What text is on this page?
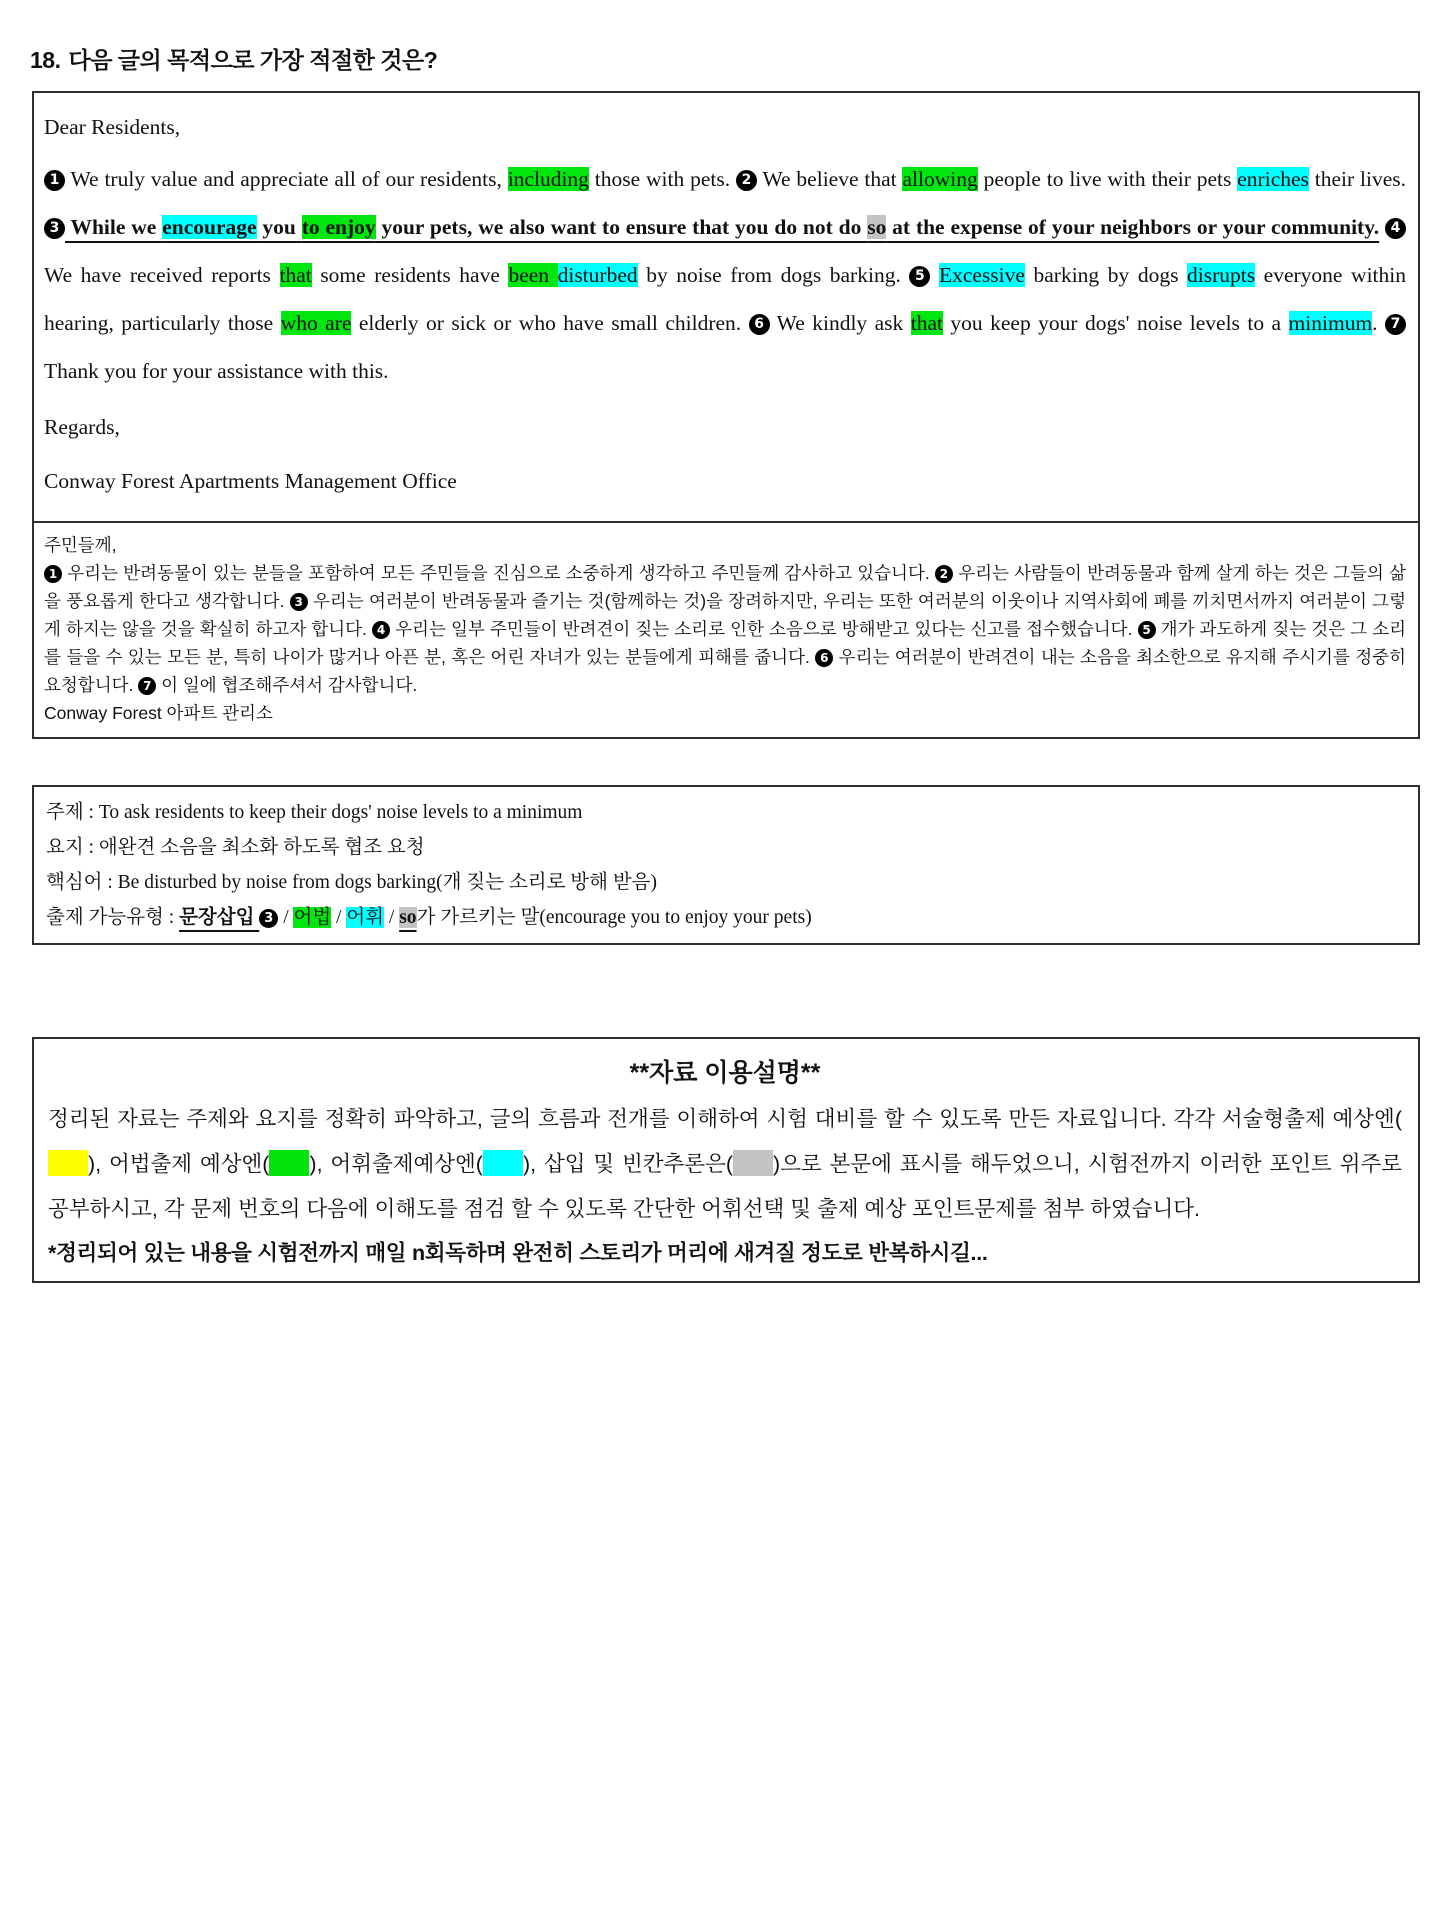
18. 다음 글의 목적으로 가장 적절한 것은?

Dear Residents,

1 We truly value and appreciate all of our residents, including those with pets. 2 We believe that allowing people to live with their pets enriches their lives. 3 While we encourage you to enjoy your pets, we also want to ensure that you do not do so at the expense of your neighbors or your community. 4 We have received reports that some residents have been disturbed by noise from dogs barking. 5 Excessive barking by dogs disrupts everyone within hearing, particularly those who are elderly or sick or who have small children. 6 We kindly ask that you keep your dogs' noise levels to a minimum. 7 Thank you for your assistance with this.

Regards,

Conway Forest Apartments Management Office

주민들께,

1 우리는 반려동물이 있는 분들을 포함하여 모든 주민들을 진심으로 소중하게 생각하고 주민들께 감사하고 있습니다. 2 우리는 사람들이 반려동물과 함께 살게 하는 것은 그들의 삶을 풍요롭게 한다고 생각합니다. 3 우리는 여러분이 반려동물과 즐기는 것(함께하는 것)을 장려하지만, 우리는 또한 여러분의 이웃이나 지역사회에 폐를 끼치면서까지 여러분이 그렇게 하지는 않을 것을 확실히 하고자 합니다. 4 우리는 일부 주민들이 반려견이 짖는 소리로 인한 소음으로 방해받고 있다는 신고를 접수했습니다. 5 개가 과도하게 짖는 것은 그 소리를 들을 수 있는 모든 분, 특히 나이가 많거나 아픈 분, 혹은 어린 자녀가 있는 분들에게 피해를 줍니다. 6 우리는 여러분이 반려견이 내는 소음을 최소한으로 유지해 주시기를 정중히 요청합니다. 7 이 일에 협조해주셔서 감사합니다.

Conway Forest 아파트 관리소

주제 : To ask residents to keep their dogs' noise levels to a minimum

요지 : 애완견 소음을 최소화 하도록 협조 요청

핵심어 : Be disturbed by noise from dogs barking(개 짖는 소리로 방해 받음)

출제 가능유형 : 문장삽입 3 / 어법 / 어휘 / so가 가르키는 말(encourage you to enjoy your pets)

**자료 이용설명**

정리된 자료는 주제와 요지를 정확히 파악하고, 글의 흐름과 전개를 이해하여 시험 대비를 할 수 있도록 만든 자료입니다. 각각 서술형출제 예상엔(), 어법출제 예상엔( ), 어휘출제예상엔( ), 삽입 및 빈칸추론은( )으로 본문에 표시를 해두었으니, 시험전까지 이러한 포인트 위주로 공부하시고, 각 문제 번호의 다음에 이해도를 점검 할 수 있도록 간단한 어휘선택 및 출제 예상 포인트문제를 첨부 하였습니다.

*정리되어 있는 내용을 시험전까지 매일 n회독하며 완전히 스토리가 머리에 새겨질 정도로 반복하시길...
